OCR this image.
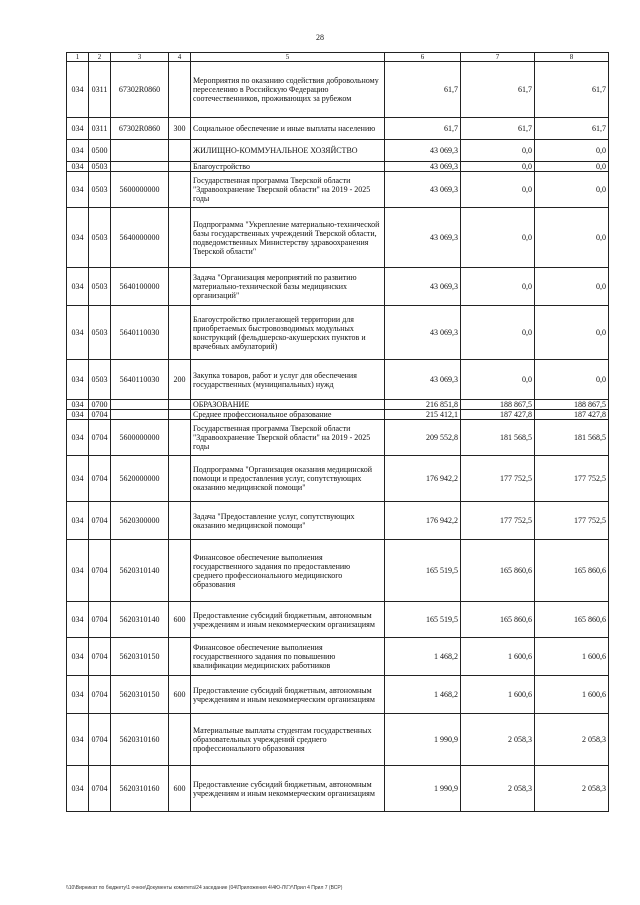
28
1	2	3	4	5	6	7	8
034	0311	67302R0860		Мероприятия по оказанию содействия добровольному переселению в Российскую Федерацию соотечественников, проживающих за рубежом	61,7	61,7	61,7
034	0311	67302R0860	300	Социальное обеспечение и иные выплаты населению	61,7	61,7	61,7
034	0500			ЖИЛИЩНО-КОММУНАЛЬНОЕ ХОЗЯЙСТВО	43 069,3	0,0	0,0
034	0503			Благоустройство	43 069,3	0,0	0,0
034	0503	5600000000		Государственная программа Тверской области "Здравоохранение Тверской области" на 2019 - 2025 годы	43 069,3	0,0	0,0
034	0503	5640000000		Подпрограмма "Укрепление материально-технической базы государственных учреждений Тверской области, подведомственных Министерству здравоохранения Тверской области"	43 069,3	0,0	0,0
034	0503	5640100000		Задача "Организация мероприятий по развитию материально-технической базы медицинских организаций"	43 069,3	0,0	0,0
034	0503	5640110030		Благоустройство прилегающей территории для приобретаемых быстровозводимых модульных конструкций (фельдшерско-акушерских пунктов и врачебных амбулаторий)	43 069,3	0,0	0,0
034	0503	5640110030	200	Закупка товаров, работ и услуг для обеспечения государственных (муниципальных) нужд	43 069,3	0,0	0,0
034	0700			ОБРАЗОВАНИЕ	216 851,8	188 867,5	188 867,5
034	0704			Среднее профессиональное образование	215 412,1	187 427,8	187 427,8
034	0704	5600000000		Государственная программа Тверской области "Здравоохранение Тверской области" на 2019 - 2025 годы	209 552,8	181 568,5	181 568,5
034	0704	5620000000		Подпрограмма "Организация оказания медицинской помощи и предоставления услуг, сопутствующих оказанию медицинской помощи"	176 942,2	177 752,5	177 752,5
034	0704	5620300000		Задача "Предоставление услуг, сопутствующих оказанию медицинской помощи"	176 942,2	177 752,5	177 752,5
034	0704	5620310140		Финансовое обеспечение выполнения государственного задания по предоставлению среднего профессионального медицинского образования	165 519,5	165 860,6	165 860,6
034	0704	5620310140	600	Предоставление субсидий бюджетным, автономным учреждениям и иным некоммерческим организациям	165 519,5	165 860,6	165 860,6
034	0704	5620310150		Финансовое обеспечение выполнения государственного задания по повышению квалификации медицинских работников	1 468,2	1 600,6	1 600,6
034	0704	5620310150	600	Предоставление субсидий бюджетным, автономным учреждениям и иным некоммерческим организациям	1 468,2	1 600,6	1 600,6
034	0704	5620310160		Материальные выплаты студентам государственных образовательных учреждений среднего профессионального образования	1 990,9	2 058,3	2 058,3
034	0704	5620310160	600	Предоставление субсидий бюджетным, автономным учреждениям и иным некоммерческим организациям	1 990,9	2 058,3	2 058,3
\\10\Вирникат по бюджету\1 очное\Документы комитета\24 заседание (04\Приложения 4\4Ю-Л\ГУ\Прил 4 Прил 7 (ВСР)
